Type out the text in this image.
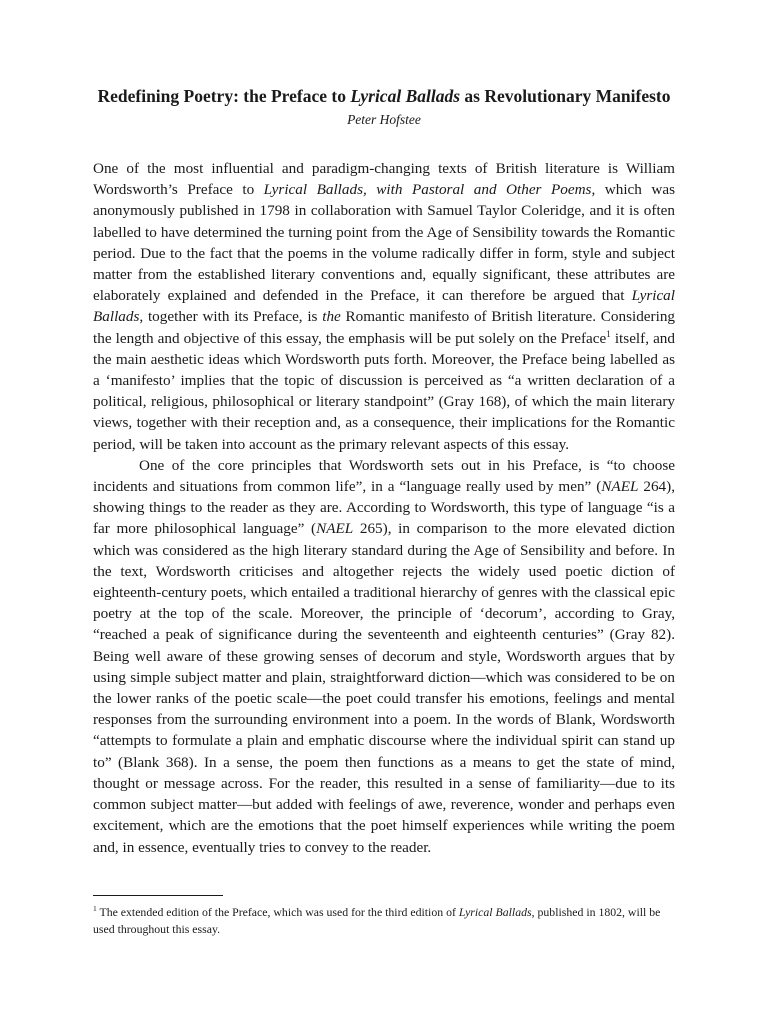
Redefining Poetry: the Preface to Lyrical Ballads as Revolutionary Manifesto

Peter Hofstee

One of the most influential and paradigm-changing texts of British literature is William Wordsworth’s Preface to Lyrical Ballads, with Pastoral and Other Poems, which was anonymously published in 1798 in collaboration with Samuel Taylor Coleridge, and it is often labelled to have determined the turning point from the Age of Sensibility towards the Romantic period. Due to the fact that the poems in the volume radically differ in form, style and subject matter from the established literary conventions and, equally significant, these attributes are elaborately explained and defended in the Preface, it can therefore be argued that Lyrical Ballads, together with its Preface, is the Romantic manifesto of British literature. Considering the length and objective of this essay, the emphasis will be put solely on the Preface$^1$ itself, and the main aesthetic ideas which Wordsworth puts forth. Moreover, the Preface being labelled as a ‘manifesto’ implies that the topic of discussion is perceived as “a written declaration of a political, religious, philosophical or literary standpoint” (Gray 168), of which the main literary views, together with their reception and, as a consequence, their implications for the Romantic period, will be taken into account as the primary relevant aspects of this essay.

One of the core principles that Wordsworth sets out in his Preface, is “to choose incidents and situations from common life”, in a “language really used by men” (NAEL 264), showing things to the reader as they are. According to Wordsworth, this type of language “is a far more philosophical language” (NAEL 265), in comparison to the more elevated diction which was considered as the high literary standard during the Age of Sensibility and before. In the text, Wordsworth criticises and altogether rejects the widely used poetic diction of eighteenth-century poets, which entailed a traditional hierarchy of genres with the classical epic poetry at the top of the scale. Moreover, the principle of ‘decorum’, according to Gray, “reached a peak of significance during the seventeenth and eighteenth centuries” (Gray 82). Being well aware of these growing senses of decorum and style, Wordsworth argues that by using simple subject matter and plain, straightforward diction—which was considered to be on the lower ranks of the poetic scale—the poet could transfer his emotions, feelings and mental responses from the surrounding environment into a poem. In the words of Blank, Wordsworth “attempts to formulate a plain and emphatic discourse where the individual spirit can stand up to” (Blank 368). In a sense, the poem then functions as a means to get the state of mind, thought or message across. For the reader, this resulted in a sense of familiarity—due to its common subject matter—but added with feelings of awe, reverence, wonder and perhaps even excitement, which are the emotions that the poet himself experiences while writing the poem and, in essence, eventually tries to convey to the reader.

$^1$ The extended edition of the Preface, which was used for the third edition of Lyrical Ballads, published in 1802, will be used throughout this essay.
